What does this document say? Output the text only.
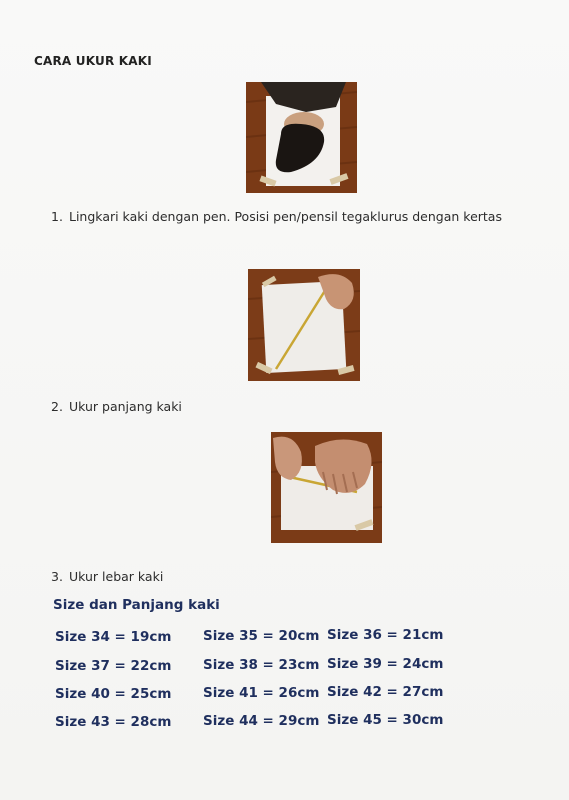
CARA UKUR KAKI
1. Lingkari kaki dengan pen. Posisi pen/pensil tegaklurus dengan kertas
2. Ukur panjang kaki
3. Ukur lebar kaki
Size dan Panjang kaki
Size 34 = 19cm Size 35 = 20cm Size 36 = 21cm
Size 37 = 22cm Size 38 = 23cm Size 39 = 24cm
Size 40 = 25cm Size 41 = 26cm Size 42 = 27cm
Size 43 = 28cm Size 44 = 29cm Size 45 = 30cm
